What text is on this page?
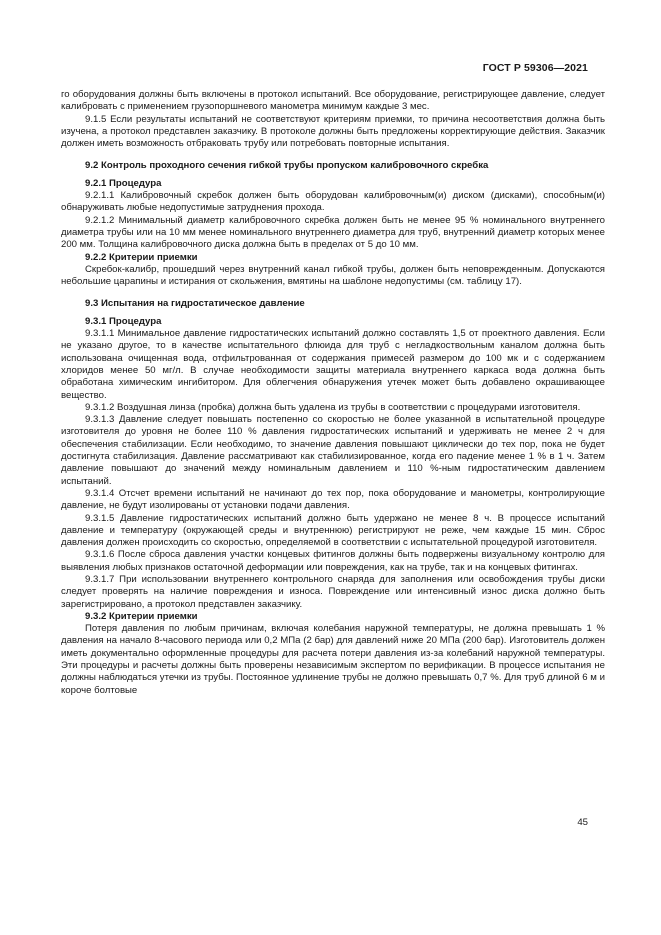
ГОСТ Р 59306—2021

го оборудования должны быть включены в протокол испытаний. Все оборудование, регистрирующее давление, следует калибровать с применением грузопоршневого манометра минимум каждые 3 мес.

9.1.5 Если результаты испытаний не соответствуют критериям приемки, то причина несоответствия должна быть изучена, а протокол представлен заказчику. В протоколе должны быть предложены корректирующие действия. Заказчик должен иметь возможность отбраковать трубу или потребовать повторные испытания.

9.2 Контроль проходного сечения гибкой трубы пропуском калибровочного скребка

9.2.1 Процедура

9.2.1.1 Калибровочный скребок должен быть оборудован калибровочным(и) диском (дисками), способным(и) обнаруживать любые недопустимые затруднения прохода.

9.2.1.2 Минимальный диаметр калибровочного скребка должен быть не менее 95 % номинального внутреннего диаметра трубы или на 10 мм менее номинального внутреннего диаметра для труб, внутренний диаметр которых менее 200 мм. Толщина калибровочного диска должна быть в пределах от 5 до 10 мм.

9.2.2 Критерии приемки

Скребок-калибр, прошедший через внутренний канал гибкой трубы, должен быть неповрежденным. Допускаются небольшие царапины и истирания от скольжения, вмятины на шаблоне недопустимы (см. таблицу 17).

9.3 Испытания на гидростатическое давление

9.3.1 Процедура

9.3.1.1 Минимальное давление гидростатических испытаний должно составлять 1,5 от проектного давления. Если не указано другое, то в качестве испытательного флюида для труб с негладкоствольным каналом должна быть использована очищенная вода, отфильтрованная от содержания примесей размером до 100 мк и с содержанием хлоридов менее 50 мг/л. В случае необходимости защиты материала внутреннего каркаса вода должна быть обработана химическим ингибитором. Для облегчения обнаружения утечек может быть добавлено окрашивающее вещество.

9.3.1.2 Воздушная линза (пробка) должна быть удалена из трубы в соответствии с процедурами изготовителя.

9.3.1.3 Давление следует повышать постепенно со скоростью не более указанной в испытательной процедуре изготовителя до уровня не более 110 % давления гидростатических испытаний и удерживать не менее 2 ч для обеспечения стабилизации. Если необходимо, то значение давления повышают циклически до тех пор, пока не будет достигнута стабилизация. Давление рассматривают как стабилизированное, когда его падение менее 1 % в 1 ч. Затем давление повышают до значений между номинальным давлением и 110 %-ным гидростатическим давлением испытаний.

9.3.1.4 Отсчет времени испытаний не начинают до тех пор, пока оборудование и манометры, контролирующие давление, не будут изолированы от установки подачи давления.

9.3.1.5 Давление гидростатических испытаний должно быть удержано не менее 8 ч. В процессе испытаний давление и температуру (окружающей среды и внутреннюю) регистрируют не реже, чем каждые 15 мин. Сброс давления должен происходить со скоростью, определяемой в соответствии с испытательной процедурой изготовителя.

9.3.1.6 После сброса давления участки концевых фитингов должны быть подвержены визуальному контролю для выявления любых признаков остаточной деформации или повреждения, как на трубе, так и на концевых фитингах.

9.3.1.7 При использовании внутреннего контрольного снаряда для заполнения или освобождения трубы диски следует проверять на наличие повреждения и износа. Повреждение или интенсивный износ диска должно быть зарегистрировано, а протокол представлен заказчику.

9.3.2 Критерии приемки

Потеря давления по любым причинам, включая колебания наружной температуры, не должна превышать 1 % давления на начало 8-часового периода или 0,2 МПа (2 бар) для давлений ниже 20 МПа (200 бар). Изготовитель должен иметь документально оформленные процедуры для расчета потери давления из-за колебаний наружной температуры. Эти процедуры и расчеты должны быть проверены независимым экспертом по верификации. В процессе испытания не должны наблюдаться утечки из трубы. Постоянное удлинение трубы не должно превышать 0,7 %. Для труб длиной 6 м и короче болтовые

45
